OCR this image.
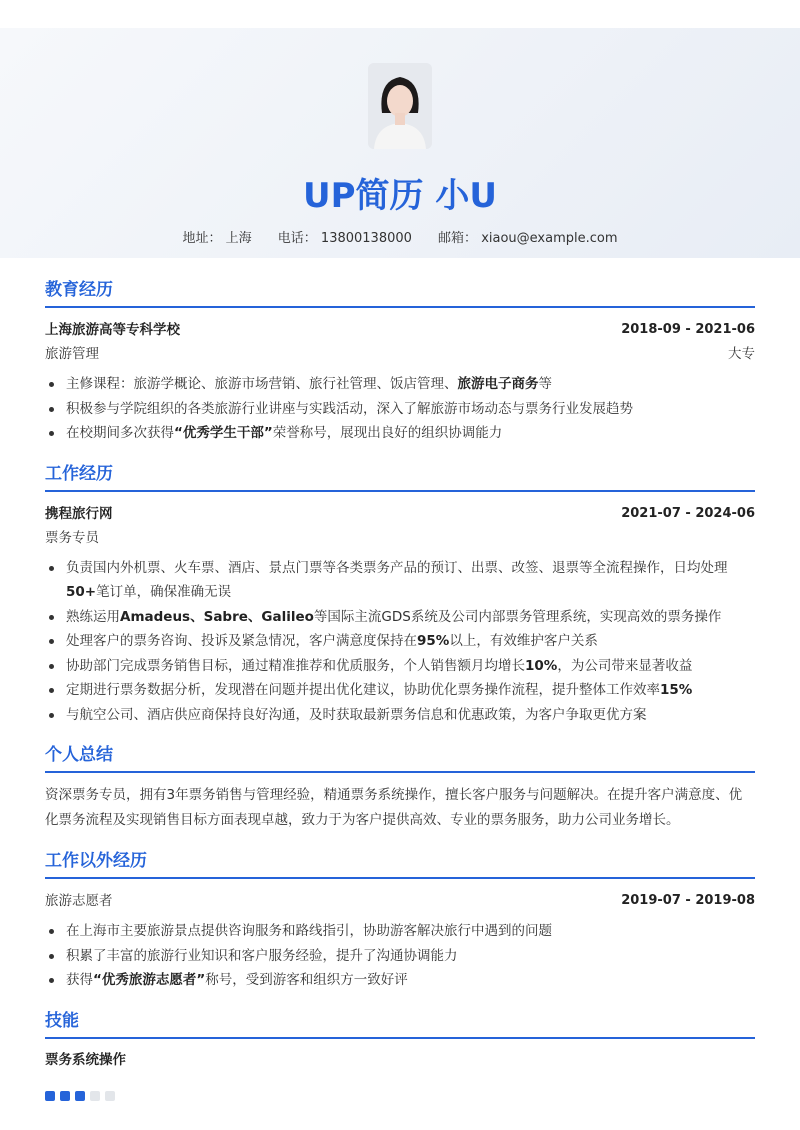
UP简历 小U
地址： 上海 电话： 13800138000 邮箱： xiaou@example.com
教育经历
上海旅游高等专科学校	2018-09 - 2021-06
旅游管理	大专
主修课程：旅游学概论、旅游市场营销、旅行社管理、饭店管理、旅游电子商务等
积极参与学院组织的各类旅游行业讲座与实践活动，深入了解旅游市场动态与票务行业发展趋势
在校期间多次获得“优秀学生干部”荣誉称号，展现出良好的组织协调能力
工作经历
携程旅行网	2021-07 - 2024-06
票务专员
负责国内外机票、火车票、酒店、景点门票等各类票务产品的预订、出票、改签、退票等全流程操作，日均处理50+笔订单，确保准确无误
熟练运用Amadeus、Sabre、Galileo等国际主流GDS系统及公司内部票务管理系统，实现高效的票务操作
处理客户的票务咨询、投诉及紧急情况，客户满意度保持在95%以上，有效维护客户关系
协助部门完成票务销售目标，通过精准推荐和优质服务，个人销售额月均增长10%，为公司带来显著收益
定期进行票务数据分析，发现潜在问题并提出优化建议，协助优化票务操作流程，提升整体工作效率15%
与航空公司、酒店供应商保持良好沟通，及时获取最新票务信息和优惠政策，为客户争取更优方案
个人总结
资深票务专员，拥有3年票务销售与管理经验，精通票务系统操作，擅长客户服务与问题解决。在提升客户满意度、优化票务流程及实现销售目标方面表现卓越，致力于为客户提供高效、专业的票务服务，助力公司业务增长。
工作以外经历
旅游志愿者	2019-07 - 2019-08
在上海市主要旅游景点提供咨询服务和路线指引，协助游客解决旅行中遇到的问题
积累了丰富的旅游行业知识和客户服务经验，提升了沟通协调能力
获得“优秀旅游志愿者”称号，受到游客和组织方一致好评
技能
票务系统操作
